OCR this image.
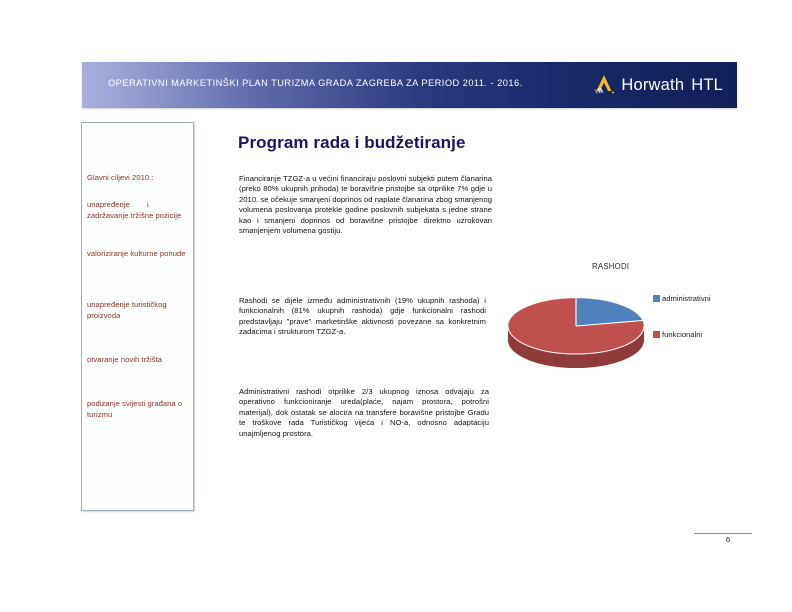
OPERATIVNI MARKETINŠKI PLAN TURIZMA GRADA ZAGREBA ZA PERIOD 2011. - 2016.	Horwath HTL
Program rada i budžetiranje
Glavni ciljevi 2010.:
unapređenje        i zadržavanje tržišne pozicije
valoriziranje kulturne ponude
unapređenje turističkog proizvoda
otvaranje novih tržišta
podizanje svijesti građana o turizmu
Financiranje TZGZ-a u većini financiraju poslovni subjekti putem članarina (preko 80% ukupnih prihoda) te boravišne pristojbe sa otprilike 7% gdje u 2010. se očekuje smanjeni doprinos od naplate članarina zbog smanjenog volumena poslovanja protekle godine poslovnih subjekata s jedne strane kao i smanjeni doprinos od boravišne pristojbe direktno uzrokovan smanjenjem volumena gostiju.
Rashodi se dijele između administrativnih (19% ukupnih rashoda) i funkcionalnih (81% ukupnih rashoda) gdje funkcionalni rashodi predstavljaju "prave" marketinške aktivnosti povezane sa konkretnim zadacima i strukturom TZGZ-a.
Administrativni rashodi otprilike 2/3 ukupnog iznosa odvajaju za operativno funkcioniranje ureda(plaće, najam prostora, potrošni materijal), dok ostatak se alocira na transfere boravišne pristojbe Gradu te troškove rada Turističkog vijeća i NO-a, odnosno adaptaciju unajmljenog prostora.
RASHODI
administrativni
funkcionalni
6
